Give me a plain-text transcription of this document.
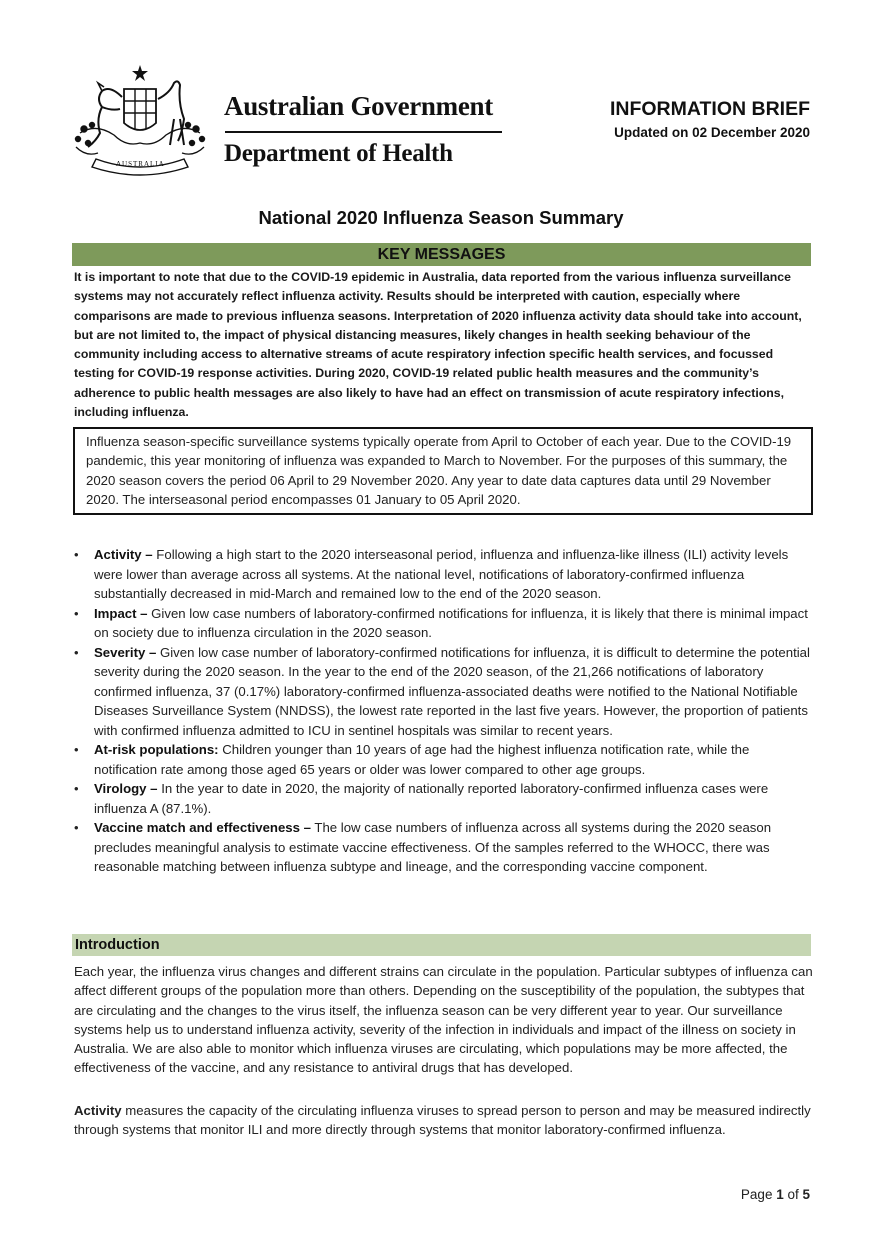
AUSTRALIA
Australian Government
Department of Health
INFORMATION BRIEF
Updated on 02 December 2020
National 2020 Influenza Season Summary
KEY MESSAGES

It is important to note that due to the COVID-19 epidemic in Australia, data reported from the various influenza surveillance systems may not accurately reflect influenza activity. Results should be interpreted with caution, especially where comparisons are made to previous influenza seasons. Interpretation of 2020 influenza activity data should take into account, but are not limited to, the impact of physical distancing measures, likely changes in health seeking behaviour of the community including access to alternative streams of acute respiratory infection specific health services, and focussed testing for COVID-19 response activities. During 2020, COVID-19 related public health measures and the community’s adherence to public health messages are also likely to have had an effect on transmission of acute respiratory infections, including influenza.

Influenza season-specific surveillance systems typically operate from April to October of each year. Due to the COVID-19 pandemic, this year monitoring of influenza was expanded to March to November. For the purposes of this summary, the 2020 season covers the period 06 April to 29 November 2020. Any year to date data captures data until 29 November 2020. The interseasonal period encompasses 01 January to 05 April 2020.

• Activity – Following a high start to the 2020 interseasonal period, influenza and influenza-like illness (ILI) activity levels were lower than average across all systems. At the national level, notifications of laboratory-confirmed influenza substantially decreased in mid-March and remained low to the end of the 2020 season.
• Impact – Given low case numbers of laboratory-confirmed notifications for influenza, it is likely that there is minimal impact on society due to influenza circulation in the 2020 season.
• Severity – Given low case number of laboratory-confirmed notifications for influenza, it is difficult to determine the potential severity during the 2020 season. In the year to the end of the 2020 season, of the 21,266 notifications of laboratory confirmed influenza, 37 (0.17%) laboratory-confirmed influenza-associated deaths were notified to the National Notifiable Diseases Surveillance System (NNDSS), the lowest rate reported in the last five years. However, the proportion of patients with confirmed influenza admitted to ICU in sentinel hospitals was similar to recent years.
• At-risk populations: Children younger than 10 years of age had the highest influenza notification rate, while the notification rate among those aged 65 years or older was lower compared to other age groups.
• Virology – In the year to date in 2020, the majority of nationally reported laboratory-confirmed influenza cases were influenza A (87.1%).
• Vaccine match and effectiveness – The low case numbers of influenza across all systems during the 2020 season precludes meaningful analysis to estimate vaccine effectiveness. Of the samples referred to the WHOCC, there was reasonable matching between influenza subtype and lineage, and the corresponding vaccine component.
Introduction

Each year, the influenza virus changes and different strains can circulate in the population. Particular subtypes of influenza can affect different groups of the population more than others. Depending on the susceptibility of the population, the subtypes that are circulating and the changes to the virus itself, the influenza season can be very different year to year. Our surveillance systems help us to understand influenza activity, severity of the infection in individuals and impact of the illness on society in Australia. We are also able to monitor which influenza viruses are circulating, which populations may be more affected, the effectiveness of the vaccine, and any resistance to antiviral drugs that has developed.

Activity measures the capacity of the circulating influenza viruses to spread person to person and may be measured indirectly through systems that monitor ILI and more directly through systems that monitor laboratory-confirmed influenza.

Page 1 of 5
